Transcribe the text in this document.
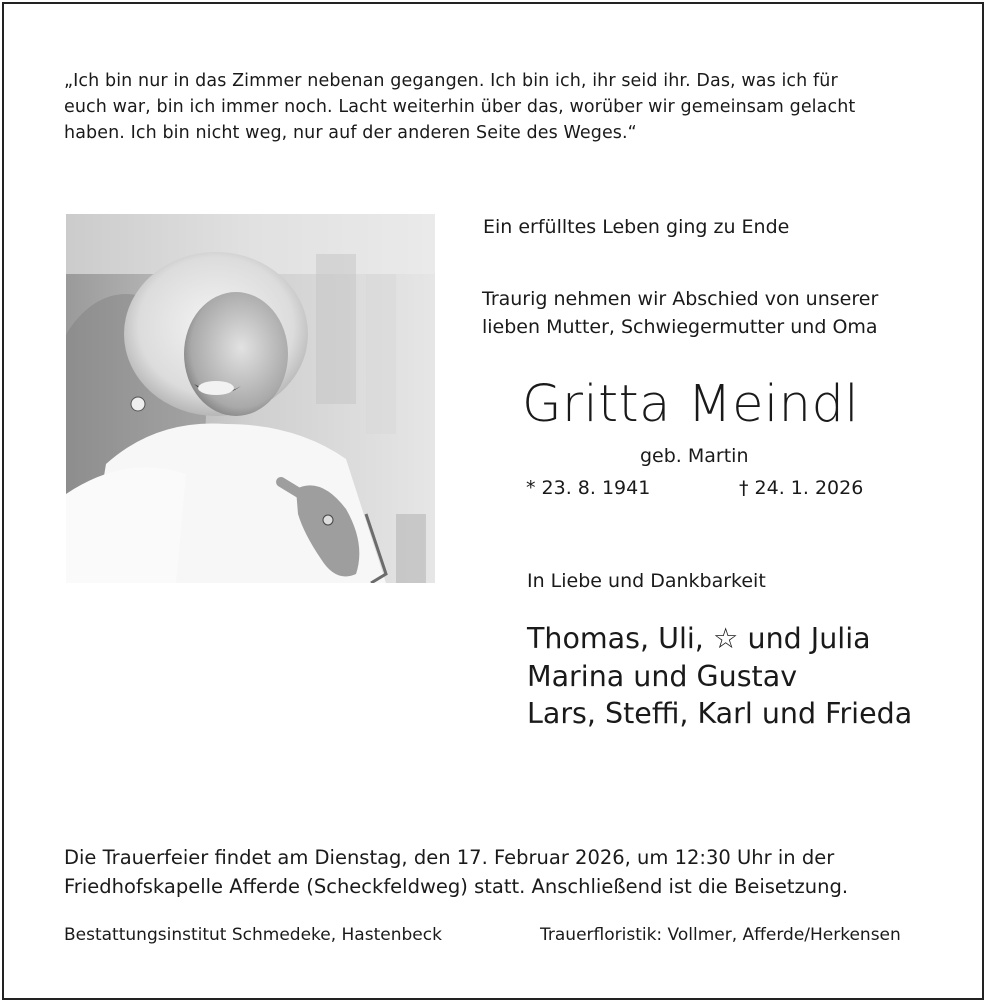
„Ich bin nur in das Zimmer nebenan gegangen. Ich bin ich, ihr seid ihr. Das, was ich für
euch war, bin ich immer noch. Lacht weiterhin über das, worüber wir gemeinsam gelacht
haben. Ich bin nicht weg, nur auf der anderen Seite des Weges.“
Ein erfülltes Leben ging zu Ende
Traurig nehmen wir Abschied von unserer
lieben Mutter, Schwiegermutter und Oma
Gritta Meindl
geb. Martin
* 23. 8. 1941	† 24. 1. 2026
In Liebe und Dankbarkeit
Thomas, Uli, ☆ und Julia
Marina und Gustav
Lars, Steffi, Karl und Frieda
Die Trauerfeier findet am Dienstag, den 17. Februar 2026, um 12:30 Uhr in der
Friedhofskapelle Afferde (Scheckfeldweg) statt. Anschließend ist die Beisetzung.
Bestattungsinstitut Schmedeke, Hastenbeck	Trauerfloristik: Vollmer, Afferde/Herkensen
